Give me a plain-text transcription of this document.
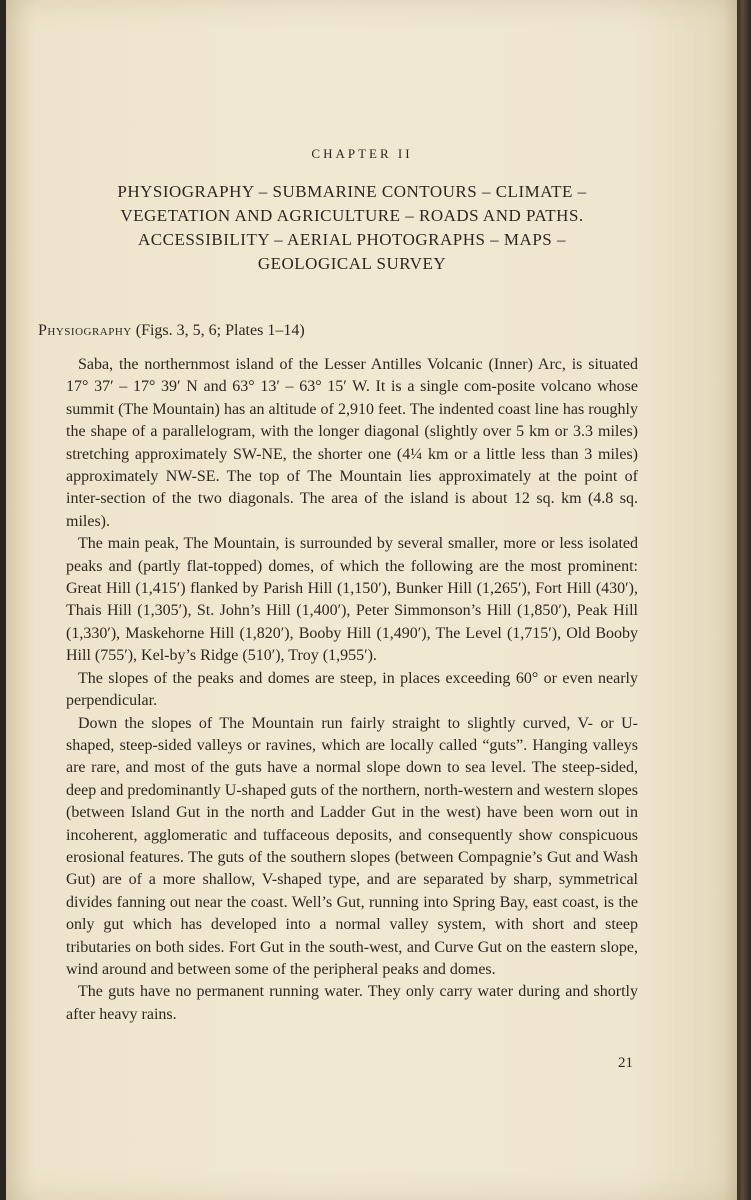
CHAPTER II
PHYSIOGRAPHY – SUBMARINE CONTOURS – CLIMATE –
VEGETATION AND AGRICULTURE – ROADS AND PATHS.
ACCESSIBILITY – AERIAL PHOTOGRAPHS – MAPS –
GEOLOGICAL SURVEY
Physiography (Figs. 3, 5, 6; Plates 1–14)

Saba, the northernmost island of the Lesser Antilles Volcanic (Inner) Arc, is situated 17° 37′ – 17° 39′ N and 63° 13′ – 63° 15′ W. It is a single com-posite volcano whose summit (The Mountain) has an altitude of 2,910 feet. The indented coast line has roughly the shape of a parallelogram, with the longer diagonal (slightly over 5 km or 3.3 miles) stretching approximately SW-NE, the shorter one (4¼ km or a little less than 3 miles) approximately NW-SE. The top of The Mountain lies approximately at the point of inter-section of the two diagonals. The area of the island is about 12 sq. km (4.8 sq. miles).

The main peak, The Mountain, is surrounded by several smaller, more or less isolated peaks and (partly flat-topped) domes, of which the following are the most prominent: Great Hill (1,415′) flanked by Parish Hill (1,150′), Bunker Hill (1,265′), Fort Hill (430′), Thais Hill (1,305′), St. John’s Hill (1,400′), Peter Simmonson’s Hill (1,850′), Peak Hill (1,330′), Maskehorne Hill (1,820′), Booby Hill (1,490′), The Level (1,715′), Old Booby Hill (755′), Kel-by’s Ridge (510′), Troy (1,955′).

The slopes of the peaks and domes are steep, in places exceeding 60° or even nearly perpendicular.

Down the slopes of The Mountain run fairly straight to slightly curved, V- or U-shaped, steep-sided valleys or ravines, which are locally called “guts”. Hanging valleys are rare, and most of the guts have a normal slope down to sea level. The steep-sided, deep and predominantly U-shaped guts of the northern, north-western and western slopes (between Island Gut in the north and Ladder Gut in the west) have been worn out in incoherent, agglomeratic and tuffaceous deposits, and consequently show conspicuous erosional features. The guts of the southern slopes (between Compagnie’s Gut and Wash Gut) are of a more shallow, V-shaped type, and are separated by sharp, symmetrical divides fanning out near the coast. Well’s Gut, running into Spring Bay, east coast, is the only gut which has developed into a normal valley system, with short and steep tributaries on both sides. Fort Gut in the south-west, and Curve Gut on the eastern slope, wind around and between some of the peripheral peaks and domes.

The guts have no permanent running water. They only carry water during and shortly after heavy rains.

21
